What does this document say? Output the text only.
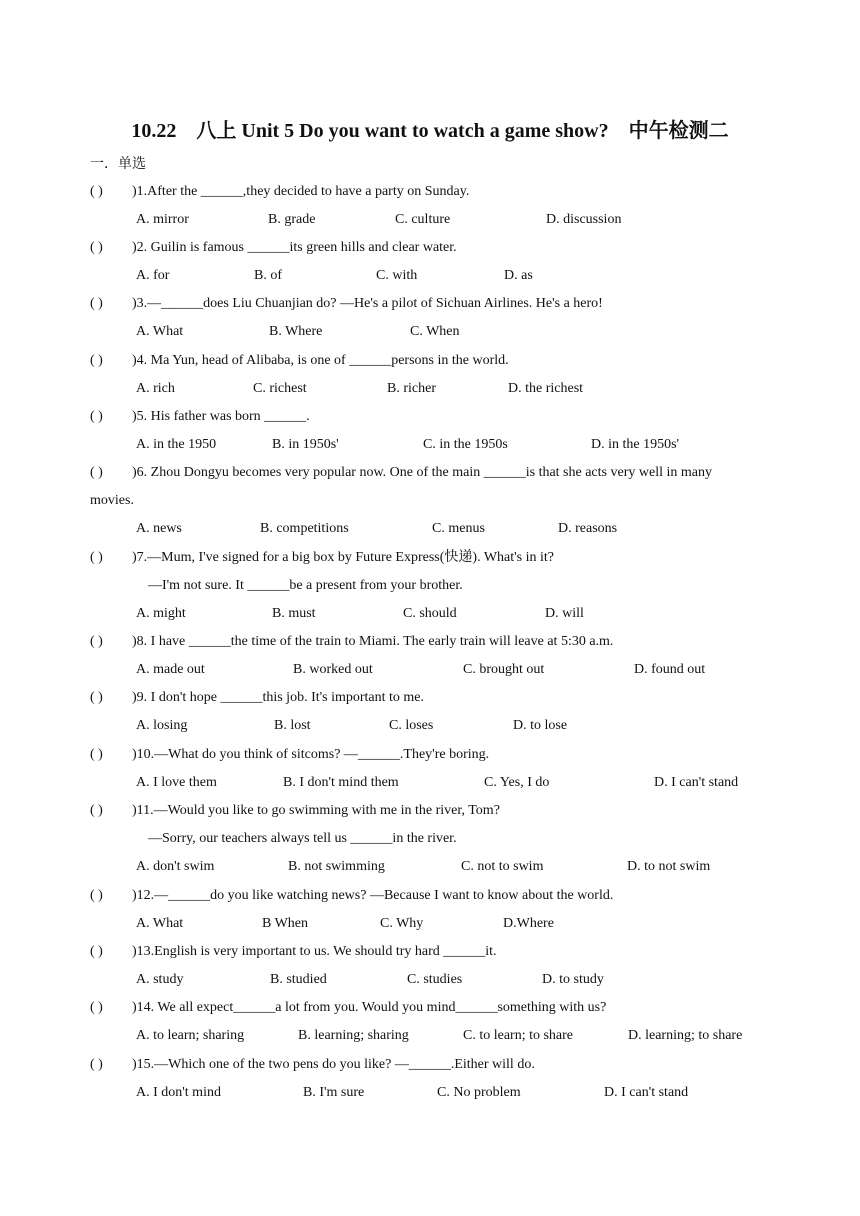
10.22    八上 Unit 5 Do you want to watch a game show?    中午检测二
一．单选
( ) )1.After the ______,they decided to have a party on Sunday.
A. mirror	B. grade	C. culture	D. discussion
( ) )2. Guilin is famous ______its green hills and clear water.
A. for	B. of	C. with	D. as
( ) )3.—______does Liu Chuanjian do? —He's a pilot of Sichuan Airlines. He's a hero!
A. What	B. Where	C. When
( ) )4. Ma Yun, head of Alibaba, is one of ______persons in the world.
A. rich	C. richest	B. richer	D. the richest
( ) )5. His father was born ______.
A. in the 1950	B. in 1950s'	C. in the 1950s	D. in the 1950s'
( ) )6. Zhou Dongyu becomes very popular now. One of the main ______is that she acts very well in many
movies.
A. news	B. competitions	C. menus	D. reasons
( ) )7.—Mum, I've signed for a big box by Future Express(快递). What's in it?
—I'm not sure. It ______be a present from your brother.
A. might	B. must	C. should	D. will
( ) )8. I have ______the time of the train to Miami. The early train will leave at 5:30 a.m.
A. made out	B. worked out	C. brought out	D. found out
( ) )9. I don't hope ______this job. It's important to me.
A. losing	B. lost	C. loses	D. to lose
( ) )10.—What do you think of sitcoms? —______.They're boring.
A. I love them	B. I don't mind them	C. Yes, I do	D. I can't stand
( ) )11.—Would you like to go swimming with me in the river, Tom?
—Sorry, our teachers always tell us ______in the river.
A. don't swim	B. not swimming	C. not to swim	D. to not swim
( ) )12.—______do you like watching news? —Because I want to know about the world.
A. What	B When	C. Why	D.Where
( ) )13.English is very important to us. We should try hard ______it.
A. study	B. studied	C. studies	D. to study
( ) )14. We all expect______a lot from you. Would you mind______something with us?
A. to learn; sharing	B. learning; sharing	C. to learn; to share	D. learning; to share
( ) )15.—Which one of the two pens do you like? —______.Either will do.
A. I don't mind	B. I'm sure	C. No problem	D. I can't stand
